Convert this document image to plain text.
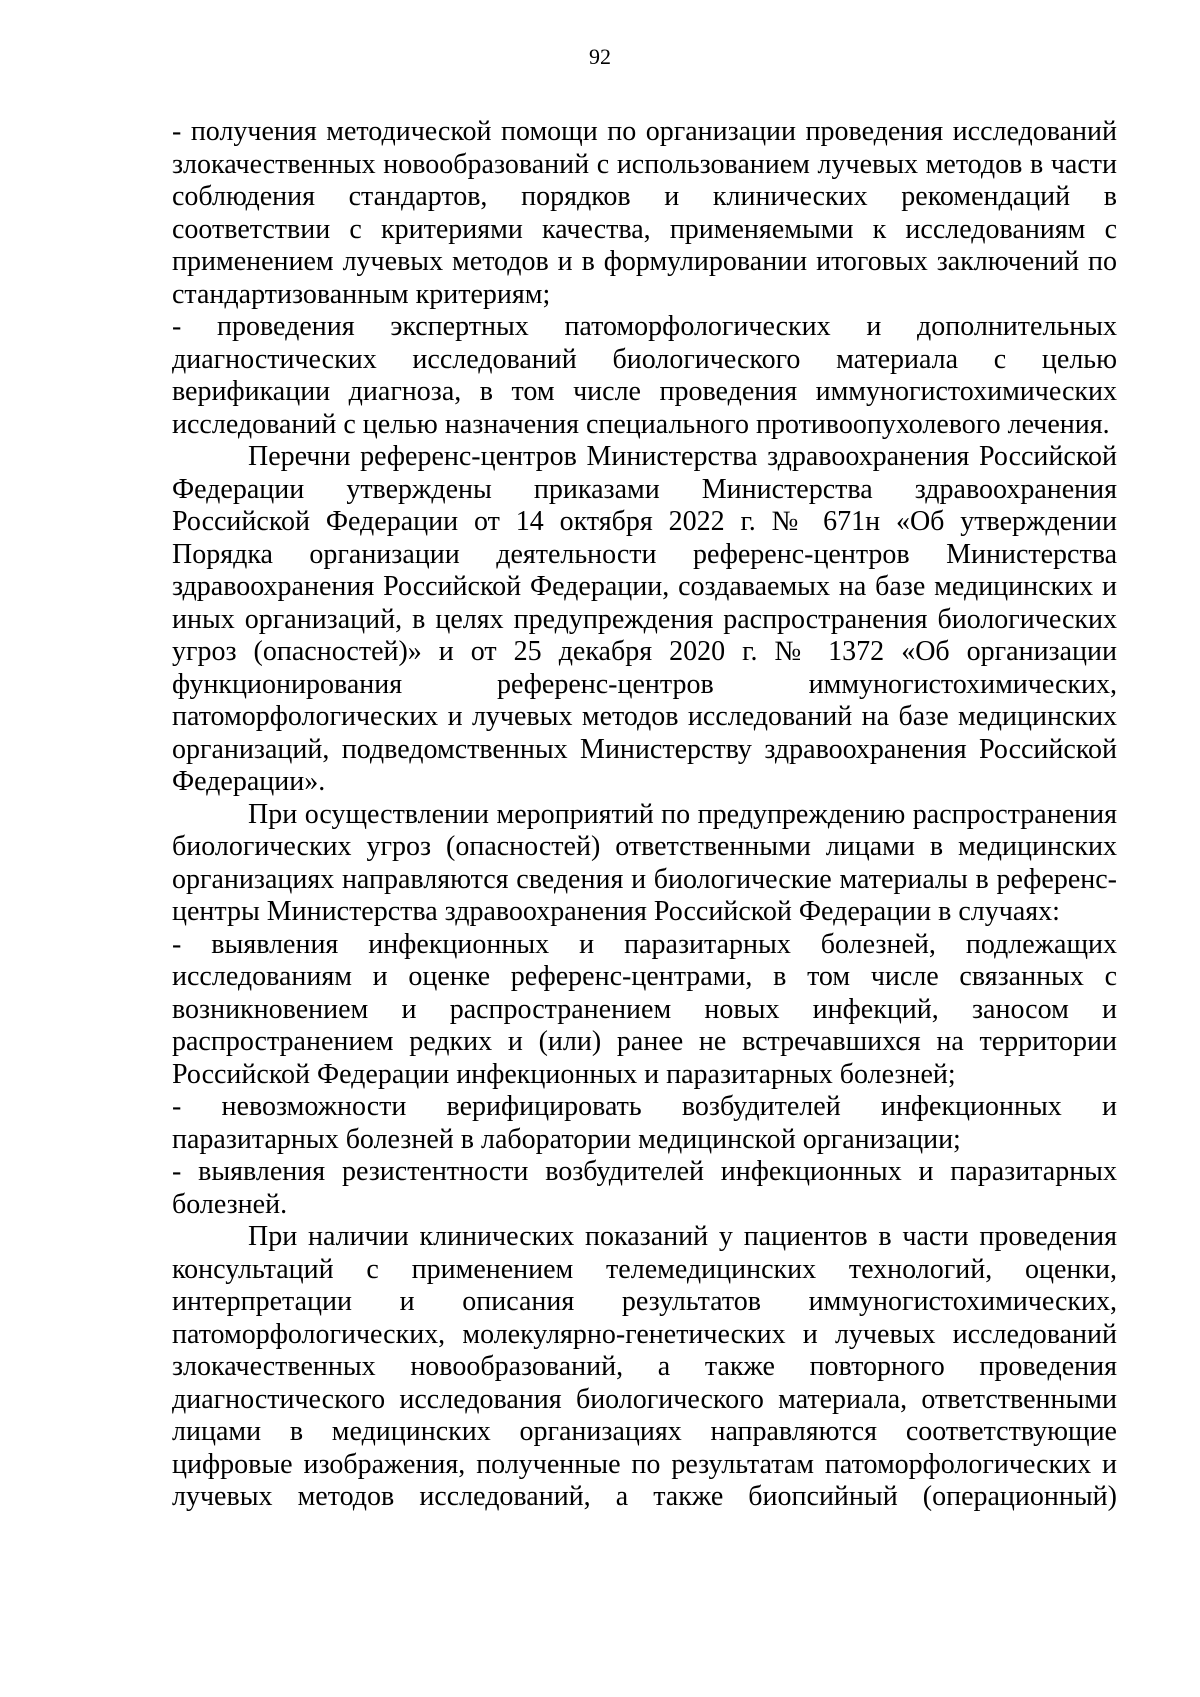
92

- получения методической помощи по организации проведения исследований злокачественных новообразований с использованием лучевых методов в части соблюдения стандартов, порядков и клинических рекомендаций в соответствии с критериями качества, применяемыми к исследованиям с применением лучевых методов и в формулировании итоговых заключений по стандартизованным критериям;

- проведения экспертных патоморфологических и дополнительных диагностических исследований биологического материала с целью верификации диагноза, в том числе проведения иммуногистохимических исследований с целью назначения специального противоопухолевого лечения.

Перечни референс-центров Министерства здравоохранения Российской Федерации утверждены приказами Министерства здравоохранения Российской Федерации от 14 октября 2022 г. № 671н «Об утверждении Порядка организации деятельности референс-центров Министерства здравоохранения Российской Федерации, создаваемых на базе медицинских и иных организаций, в целях предупреждения распространения биологических угроз (опасностей)» и от 25 декабря 2020 г. № 1372 «Об организации функционирования референс-центров иммуногистохимических, патоморфологических и лучевых методов исследований на базе медицинских организаций, подведомственных Министерству здравоохранения Российской Федерации».

При осуществлении мероприятий по предупреждению распространения биологических угроз (опасностей) ответственными лицами в медицинских организациях направляются сведения и биологические материалы в референс-центры Министерства здравоохранения Российской Федерации в случаях:

- выявления инфекционных и паразитарных болезней, подлежащих исследованиям и оценке референс-центрами, в том числе связанных с возникновением и распространением новых инфекций, заносом и распространением редких и (или) ранее не встречавшихся на территории Российской Федерации инфекционных и паразитарных болезней;

- невозможности верифицировать возбудителей инфекционных и паразитарных болезней в лаборатории медицинской организации;

- выявления резистентности возбудителей инфекционных и паразитарных болезней.

При наличии клинических показаний у пациентов в части проведения консультаций с применением телемедицинских технологий, оценки, интерпретации и описания результатов иммуногистохимических, патоморфологических, молекулярно-генетических и лучевых исследований злокачественных новообразований, а также повторного проведения диагностического исследования биологического материала, ответственными лицами в медицинских организациях направляются соответствующие цифровые изображения, полученные по результатам патоморфологических и лучевых методов исследований, а также биопсийный (операционный)
